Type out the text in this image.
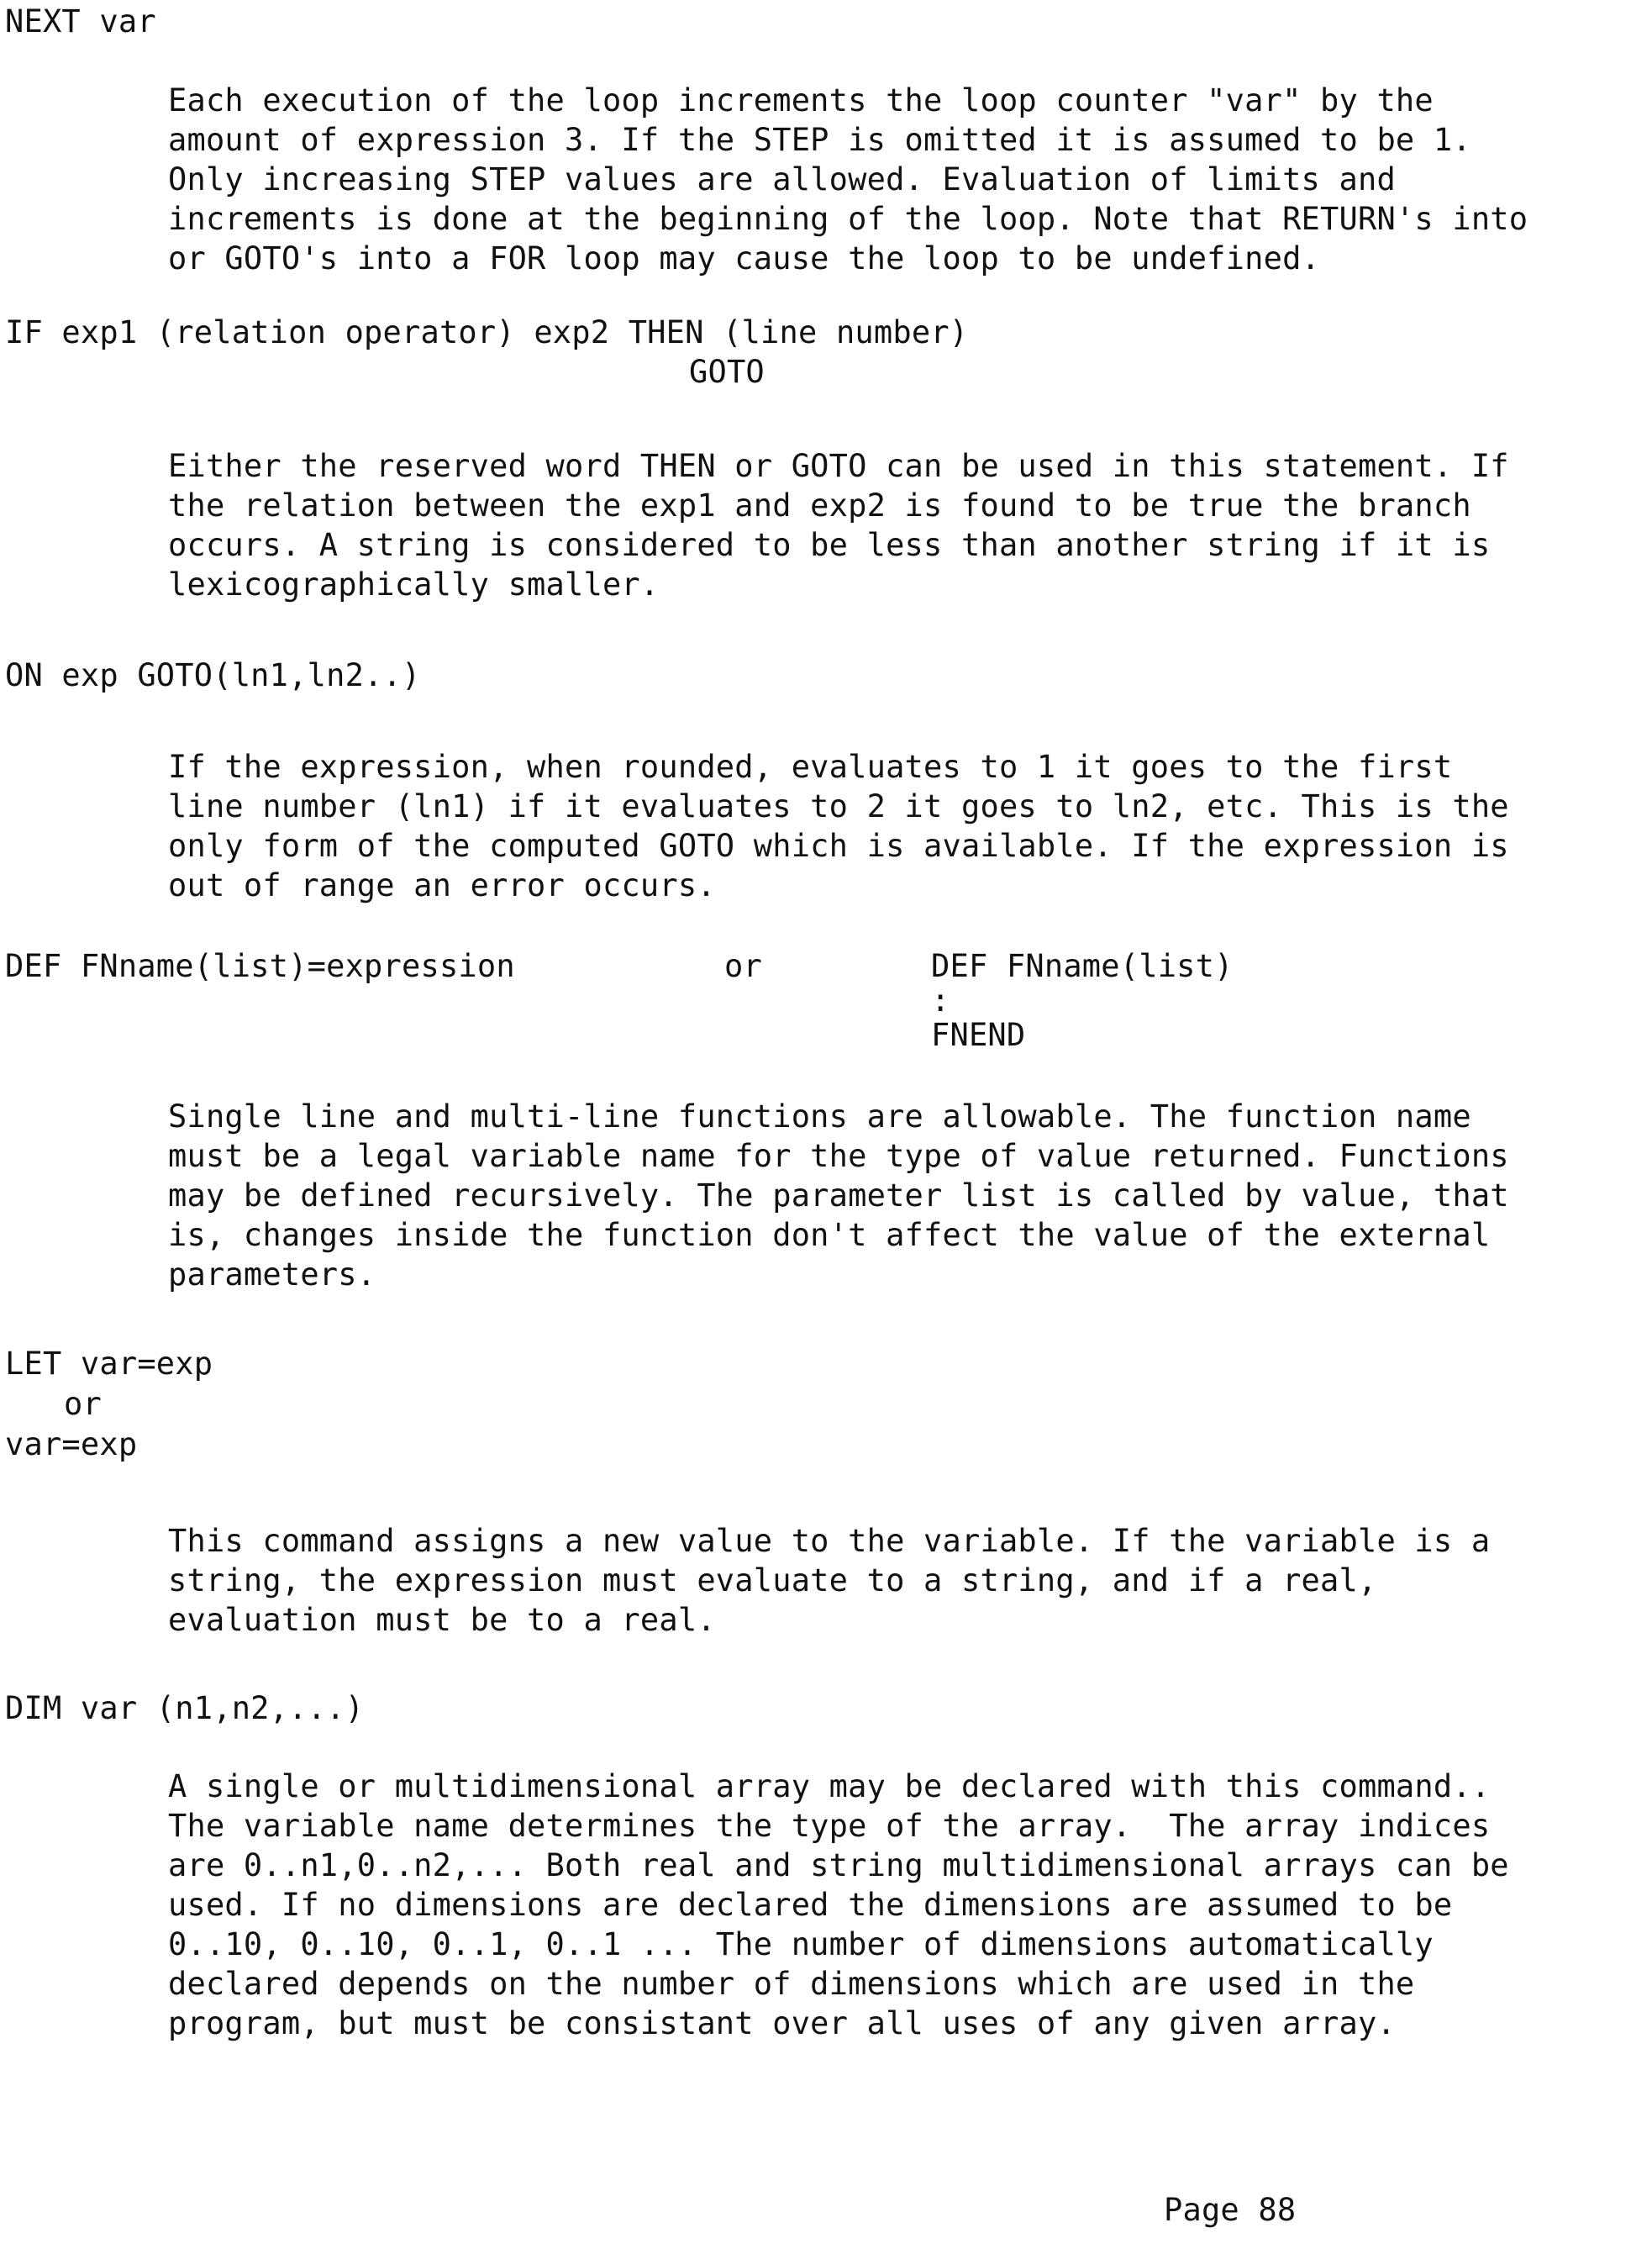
NEXT var

Each execution of the loop increments the loop counter "var" by the

amount of expression 3. If the STEP is omitted it is assumed to be 1.

Only increasing STEP values are allowed. Evaluation of limits and

increments is done at the beginning of the loop. Note that RETURN's into

or GOTO's into a FOR loop may cause the loop to be undefined.

IF exp1 (relation operator) exp2 THEN (line number)

GOTO

Either the reserved word THEN or GOTO can be used in this statement. If

the relation between the exp1 and exp2 is found to be true the branch

occurs. A string is considered to be less than another string if it is

lexicographically smaller.

ON exp GOTO(ln1,ln2..)

If the expression, when rounded, evaluates to 1 it goes to the first

line number (ln1) if it evaluates to 2 it goes to ln2, etc. This is the

only form of the computed GOTO which is available. If the expression is

out of range an error occurs.

DEF FNname(list)=expression	or	DEF FNname(list)

:

FNEND

Single line and multi-line functions are allowable. The function name

must be a legal variable name for the type of value returned. Functions

may be defined recursively. The parameter list is called by value, that

is, changes inside the function don't affect the value of the external

parameters.

LET var=exp

or

var=exp

This command assigns a new value to the variable. If the variable is a

string, the expression must evaluate to a string, and if a real,

evaluation must be to a real.

DIM var (n1,n2,...)

A single or multidimensional array may be declared with this command..

The variable name determines the type of the array.  The array indices

are 0..n1,0..n2,... Both real and string multidimensional arrays can be

used. If no dimensions are declared the dimensions are assumed to be

0..10, 0..10, 0..1, 0..1 ... The number of dimensions automatically

declared depends on the number of dimensions which are used in the

program, but must be consistant over all uses of any given array.

Page 88
